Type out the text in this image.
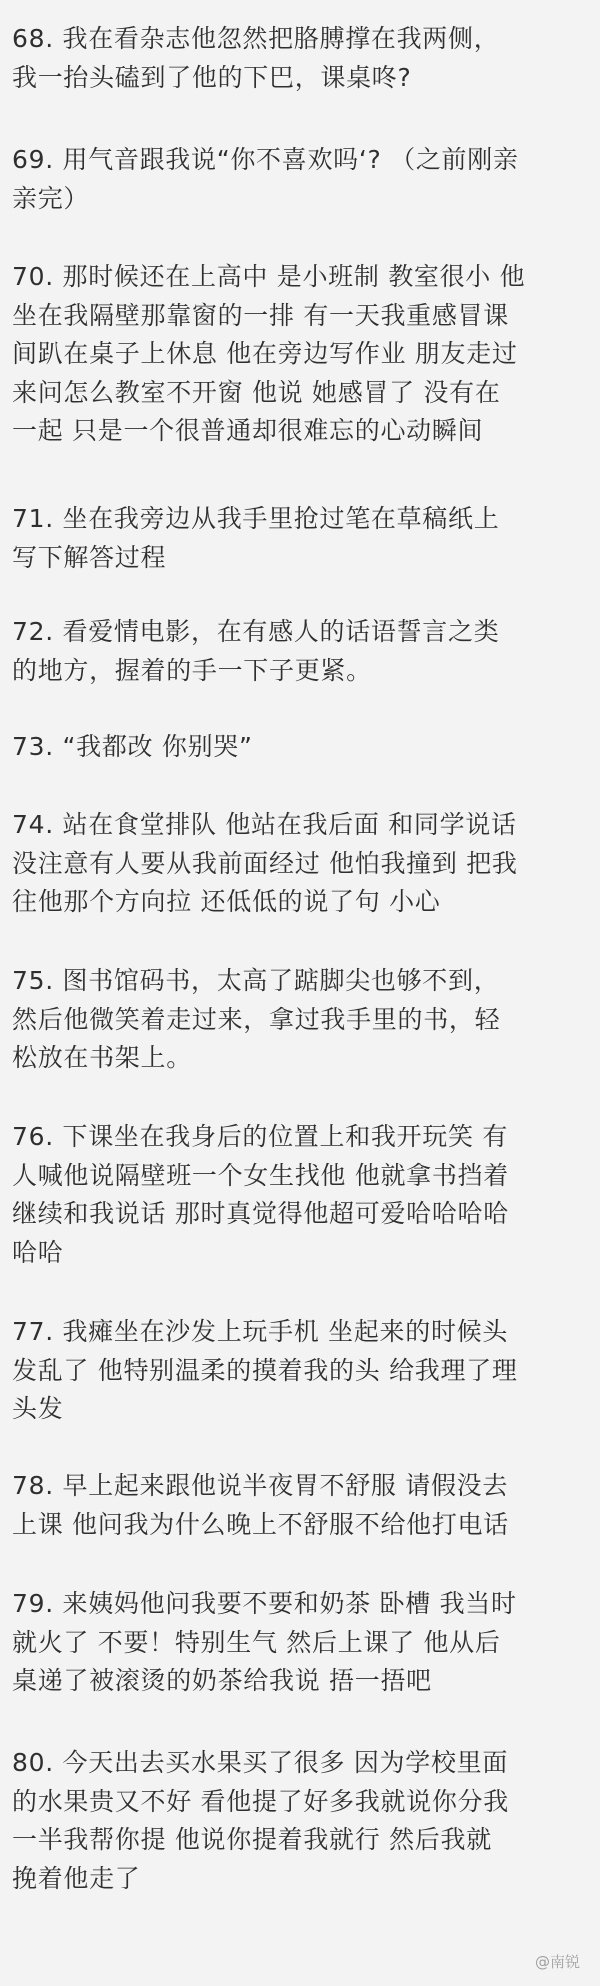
68. 我在看杂志他忽然把胳膊撑在我两侧，
我一抬头磕到了他的下巴，课桌咚?

69. 用气音跟我说“你不喜欢吗‘? （之前刚亲
亲完）

70. 那时候还在上高中 是小班制 教室很小 他
坐在我隔壁那靠窗的一排 有一天我重感冒课
间趴在桌子上休息 他在旁边写作业 朋友走过
来问怎么教室不开窗 他说 她感冒了 没有在
一起 只是一个很普通却很难忘的心动瞬间

71. 坐在我旁边从我手里抢过笔在草稿纸上
写下解答过程

72. 看爱情电影，在有感人的话语誓言之类
的地方，握着的手一下子更紧。

73. “我都改 你别哭”

74. 站在食堂排队 他站在我后面 和同学说话
没注意有人要从我前面经过 他怕我撞到 把我
往他那个方向拉 还低低的说了句 小心

75. 图书馆码书，太高了踮脚尖也够不到，
然后他微笑着走过来，拿过我手里的书，轻
松放在书架上。

76. 下课坐在我身后的位置上和我开玩笑 有
人喊他说隔壁班一个女生找他 他就拿书挡着
继续和我说话 那时真觉得他超可爱哈哈哈哈
哈哈

77. 我瘫坐在沙发上玩手机 坐起来的时候头
发乱了 他特别温柔的摸着我的头 给我理了理
头发

78. 早上起来跟他说半夜胃不舒服 请假没去
上课 他问我为什么晚上不舒服不给他打电话

79. 来姨妈他问我要不要和奶茶 卧槽 我当时
就火了 不要！特别生气 然后上课了 他从后
桌递了被滚烫的奶茶给我说 捂一捂吧

80. 今天出去买水果买了很多 因为学校里面
的水果贵又不好 看他提了好多我就说你分我
一半我帮你提 他说你提着我就行 然后我就
挽着他走了

@南锐
